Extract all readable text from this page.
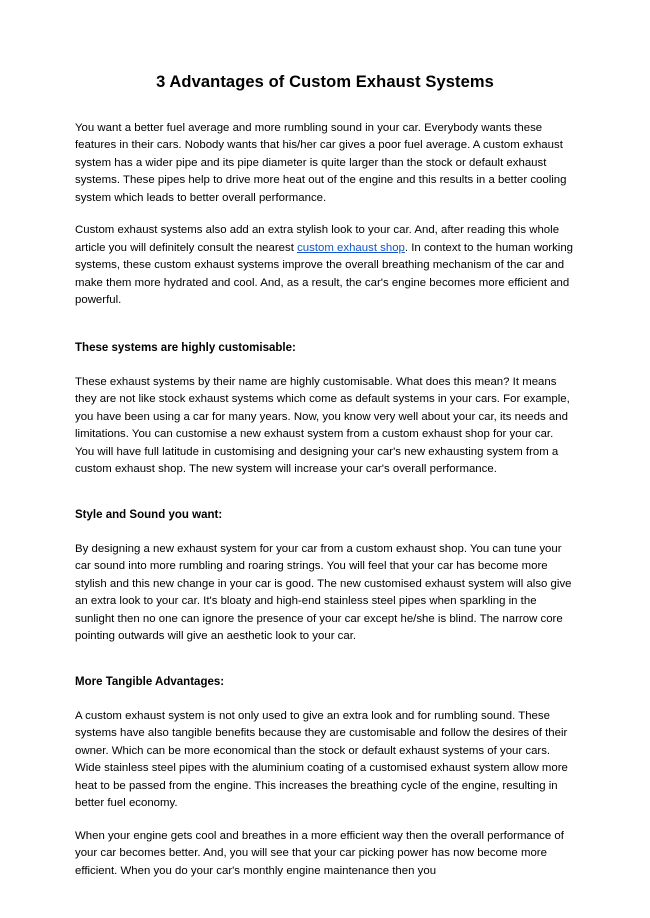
3 Advantages of Custom Exhaust Systems

You want a better fuel average and more rumbling sound in your car. Everybody wants these features in their cars. Nobody wants that his/her car gives a poor fuel average. A custom exhaust system has a wider pipe and its pipe diameter is quite larger than the stock or default exhaust systems. These pipes help to drive more heat out of the engine and this results in a better cooling system which leads to better overall performance.

Custom exhaust systems also add an extra stylish look to your car. And, after reading this whole article you will definitely consult the nearest custom exhaust shop. In context to the human working systems, these custom exhaust systems improve the overall breathing mechanism of the car and make them more hydrated and cool. And, as a result, the car's engine becomes more efficient and powerful.

These systems are highly customisable:

These exhaust systems by their name are highly customisable. What does this mean? It means they are not like stock exhaust systems which come as default systems in your cars. For example, you have been using a car for many years. Now, you know very well about your car, its needs and limitations. You can customise a new exhaust system from a custom exhaust shop for your car. You will have full latitude in customising and designing your car's new exhausting system from a custom exhaust shop. The new system will increase your car's overall performance.

Style and Sound you want:

By designing a new exhaust system for your car from a custom exhaust shop. You can tune your car sound into more rumbling and roaring strings. You will feel that your car has become more stylish and this new change in your car is good. The new customised exhaust system will also give an extra look to your car. It's bloaty and high-end stainless steel pipes when sparkling in the sunlight then no one can ignore the presence of your car except he/she is blind. The narrow core pointing outwards will give an aesthetic look to your car.

More Tangible Advantages:

A custom exhaust system is not only used to give an extra look and for rumbling sound. These systems have also tangible benefits because they are customisable and follow the desires of their owner. Which can be more economical than the stock or default exhaust systems of your cars. Wide stainless steel pipes with the aluminium coating of a customised exhaust system allow more heat to be passed from the engine. This increases the breathing cycle of the engine, resulting in better fuel economy.

When your engine gets cool and breathes in a more efficient way then the overall performance of your car becomes better. And, you will see that your car picking power has now become more efficient. When you do your car's monthly engine maintenance then you
